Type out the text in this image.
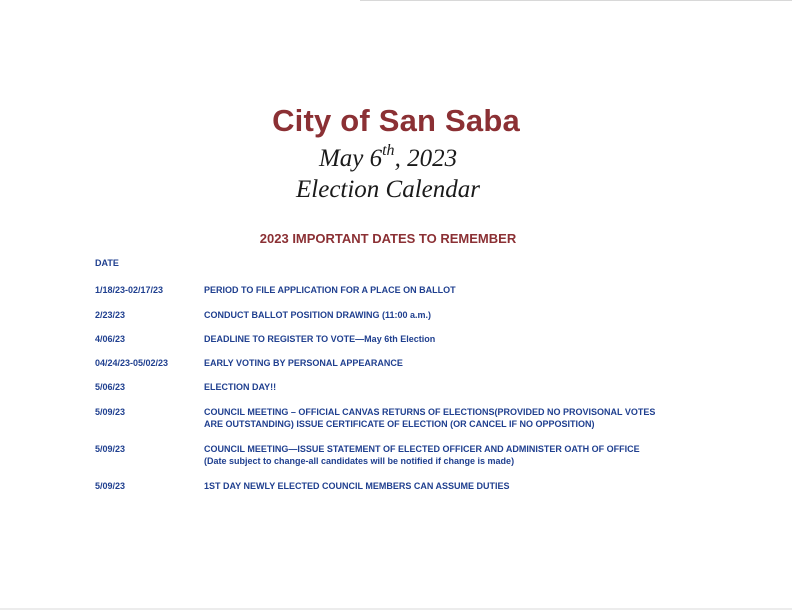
City of San Saba
May 6th, 2023
Election Calendar
2023 IMPORTANT DATES TO REMEMBER
DATE
1/18/23-02/17/23	PERIOD TO FILE APPLICATION FOR A PLACE ON BALLOT
2/23/23	CONDUCT BALLOT POSITION DRAWING (11:00 a.m.)
4/06/23	DEADLINE TO REGISTER TO VOTE—May 6th Election
04/24/23-05/02/23	EARLY VOTING BY PERSONAL APPEARANCE
5/06/23	ELECTION DAY!!
5/09/23	COUNCIL MEETING – OFFICIAL CANVAS RETURNS OF ELECTIONS(PROVIDED NO PROVISONAL VOTES
ARE OUTSTANDING) ISSUE CERTIFICATE OF ELECTION (OR CANCEL IF NO OPPOSITION)
5/09/23	COUNCIL MEETING—ISSUE STATEMENT OF ELECTED OFFICER AND ADMINISTER OATH OF OFFICE
(Date subject to change-all candidates will be notified if change is made)
5/09/23	1ST DAY NEWLY ELECTED COUNCIL MEMBERS CAN ASSUME DUTIES
